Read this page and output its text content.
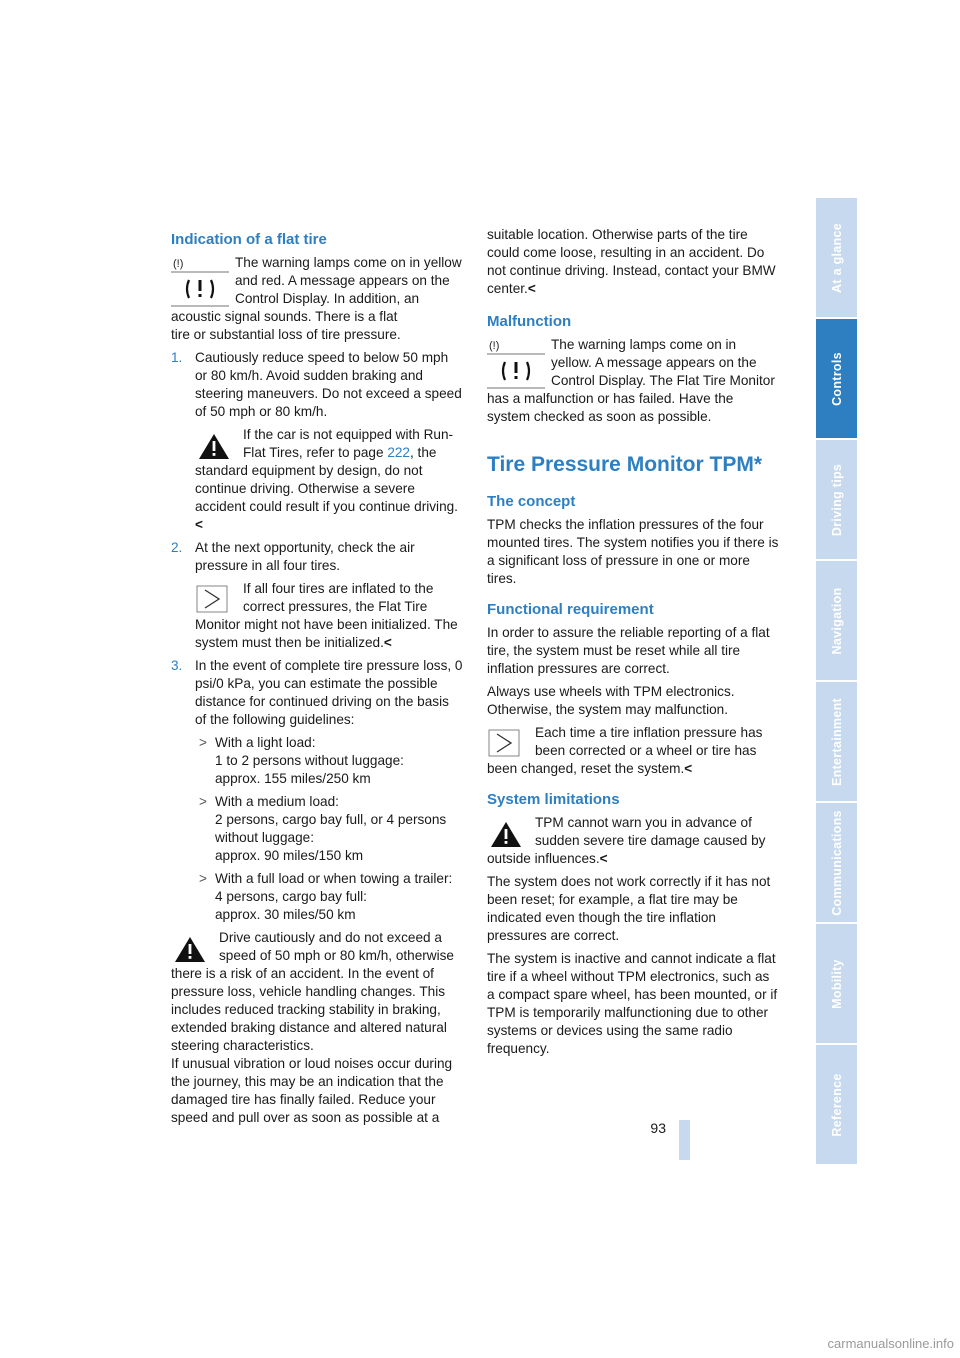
Indication of a flat tire
(!)	The warning lamps come on in yellow and red. A message appears on the Control Display. In addition, an acoustic signal sounds. There is a flat
tire or substantial loss of tire pressure.
1. Cautiously reduce speed to below 50 mph or 80 km/h. Avoid sudden braking and steering maneuvers. Do not exceed a speed of 50 mph or 80 km/h.
If the car is not equipped with Run-Flat Tires, refer to page 222, the standard equipment by design, do not continue driving. Otherwise a severe accident could result if you continue driving.<
2. At the next opportunity, check the air pressure in all four tires.
If all four tires are inflated to the correct pressures, the Flat Tire Monitor might not have been initialized. The system must then be initialized.<
3. In the event of complete tire pressure loss, 0 psi/0 kPa, you can estimate the possible distance for continued driving on the basis of the following guidelines:
> With a light load:
1 to 2 persons without luggage:
approx. 155 miles/250 km
> With a medium load:
2 persons, cargo bay full, or 4 persons without luggage:
approx. 90 miles/150 km
> With a full load or when towing a trailer:
4 persons, cargo bay full:
approx. 30 miles/50 km
Drive cautiously and do not exceed a speed of 50 mph or 80 km/h, otherwise there is a risk of an accident. In the event of pressure loss, vehicle handling changes. This includes reduced tracking stability in braking, extended braking distance and altered natural steering characteristics.
If unusual vibration or loud noises occur during the journey, this may be an indication that the damaged tire has finally failed. Reduce your speed and pull over as soon as possible at a

suitable location. Otherwise parts of the tire could come loose, resulting in an accident. Do not continue driving. Instead, contact your BMW center.<

Malfunction
(!)	The warning lamps come on in yellow. A message appears on the Control Display. The Flat Tire Monitor has a malfunction or has failed. Have the
system checked as soon as possible.
Tire Pressure Monitor TPM*
The concept

TPM checks the inflation pressures of the four mounted tires. The system notifies you if there is a significant loss of pressure in one or more tires.

Functional requirement

In order to assure the reliable reporting of a flat tire, the system must be reset while all tire inflation pressures are correct.

Always use wheels with TPM electronics. Otherwise, the system may malfunction.

Each time a tire inflation pressure has been corrected or a wheel or tire has been changed, reset the system.<
System limitations
TPM cannot warn you in advance of sudden severe tire damage caused by outside influences.<

The system does not work correctly if it has not been reset; for example, a flat tire may be indicated even though the tire inflation pressures are correct.

The system is inactive and cannot indicate a flat tire if a wheel without TPM electronics, such as a compact spare wheel, has been mounted, or if TPM is temporarily malfunctioning due to other systems or devices using the same radio frequency.

At a glance
Controls
Driving tips
Navigation
Entertainment
Communications
Mobility
Reference
93
carmanualsonline.info
